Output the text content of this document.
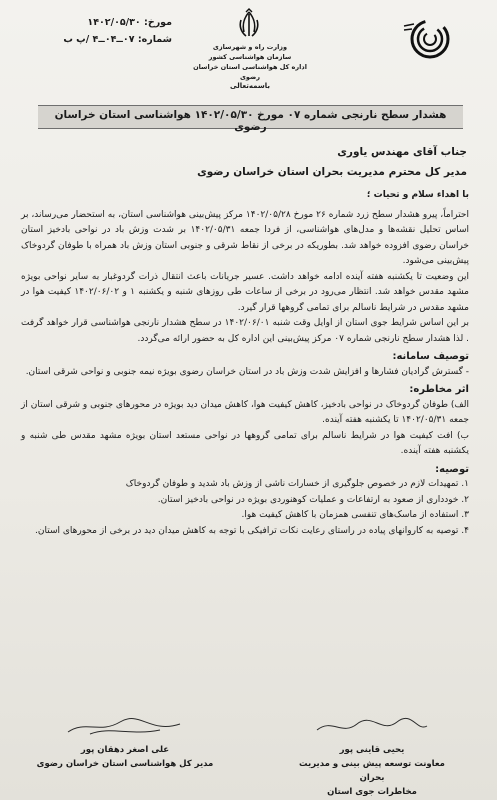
مورخ: ۱۴۰۲/۰۵/۳۰
شماره: ۰۷ــ۰۴ــ۴ /پ ب
وزارت راه و شهرسازی
سازمان هواشناسی کشور
اداره کل هواشناسی استان خراسان رضوی
باسمه‌تعالی
هشدار سطح نارنجی شماره ۰۷ مورخ ۱۴۰۲/۰۵/۳۰ هواشناسی استان خراسان رضوی
جناب آقای مهندس یاوری
مدیر کل محترم مدیریت بحران استان خراسان رضوی

با اهداء سلام و تحیات ؛

احتراماً، پیرو هشدار سطح زرد شماره ۲۶ مورخ ۱۴۰۲/۰۵/۲۸ مرکز پیش‌بینی هواشناسی استان، به استحضار می‌رساند، بر اساس تحلیل نقشه‌ها و مدل‌های هواشناسی، از فردا جمعه ۱۴۰۲/۰۵/۳۱ بر شدت وزش باد در نواحی بادخیز استان خراسان رضوی افزوده خواهد شد. بطوریکه در برخی از نقاط شرقی و جنوبی استان وزش باد همراه با طوفان گردوخاک پیش‌بینی می‌شود.

این وضعیت تا یکشنبه هفته آینده ادامه خواهد داشت. عسیر جریانات باعث انتقال ذرات گردوغبار به سایر نواحی بویژه مشهد مقدس خواهد شد. انتظار می‌رود در برخی از ساعات طی روزهای شنبه و یکشنبه ۱ و ۱۴۰۲/۰۶/۰۲ کیفیت هوا در مشهد مقدس در شرایط ناسالم برای تمامی گروهها قرار گیرد.

بر این اساس شرایط جوی استان از اوایل وقت شنبه ۱۴۰۲/۰۶/۰۱ در سطح هشدار نارنجی هواشناسی قرار خواهد گرفت . لذا هشدار سطح نارنجی شماره ۰۷ مرکز پیش‌بینی این اداره کل به حضور ارائه می‌گردد.

توصیف سامانه:

- گسترش گرادیان فشارها و افزایش شدت وزش باد در استان خراسان رضوی بویژه نیمه جنوبی و نواحی شرقی استان.

اثر مخاطره:

الف) طوفان گردوخاک در نواحی بادخیز، کاهش کیفیت هوا، کاهش میدان دید بویژه در محورهای جنوبی و شرقی استان از جمعه ۱۴۰۲/۰۵/۳۱ تا یکشنبه هفته آینده.

ب) افت کیفیت هوا در شرایط ناسالم برای تمامی گروهها در نواحی مستعد استان بویژه مشهد مقدس طی شنبه و یکشنبه هفته آینده.

توصیه:

۱. تمهیدات لازم در خصوص جلوگیری از خسارات ناشی از وزش باد شدید و طوفان گردوخاک

۲. خودداری از صعود به ارتفاعات و عملیات کوهنوردی بویژه در نواحی بادخیز استان.

۳. استفاده از ماسک‌های تنفسی همزمان با کاهش کیفیت هوا.

۴. توصیه به کاروانهای پیاده در راستای رعایت نکات ترافیکی با توجه به کاهش میدان دید در برخی از محورهای استان.

یحیی قاینی پور
معاونت توسعه پیش بینی و مدیریت بحران
مخاطرات جوی استان
علی اصغر دهقان پور
مدیر کل هواشناسی استان خراسان رضوی
